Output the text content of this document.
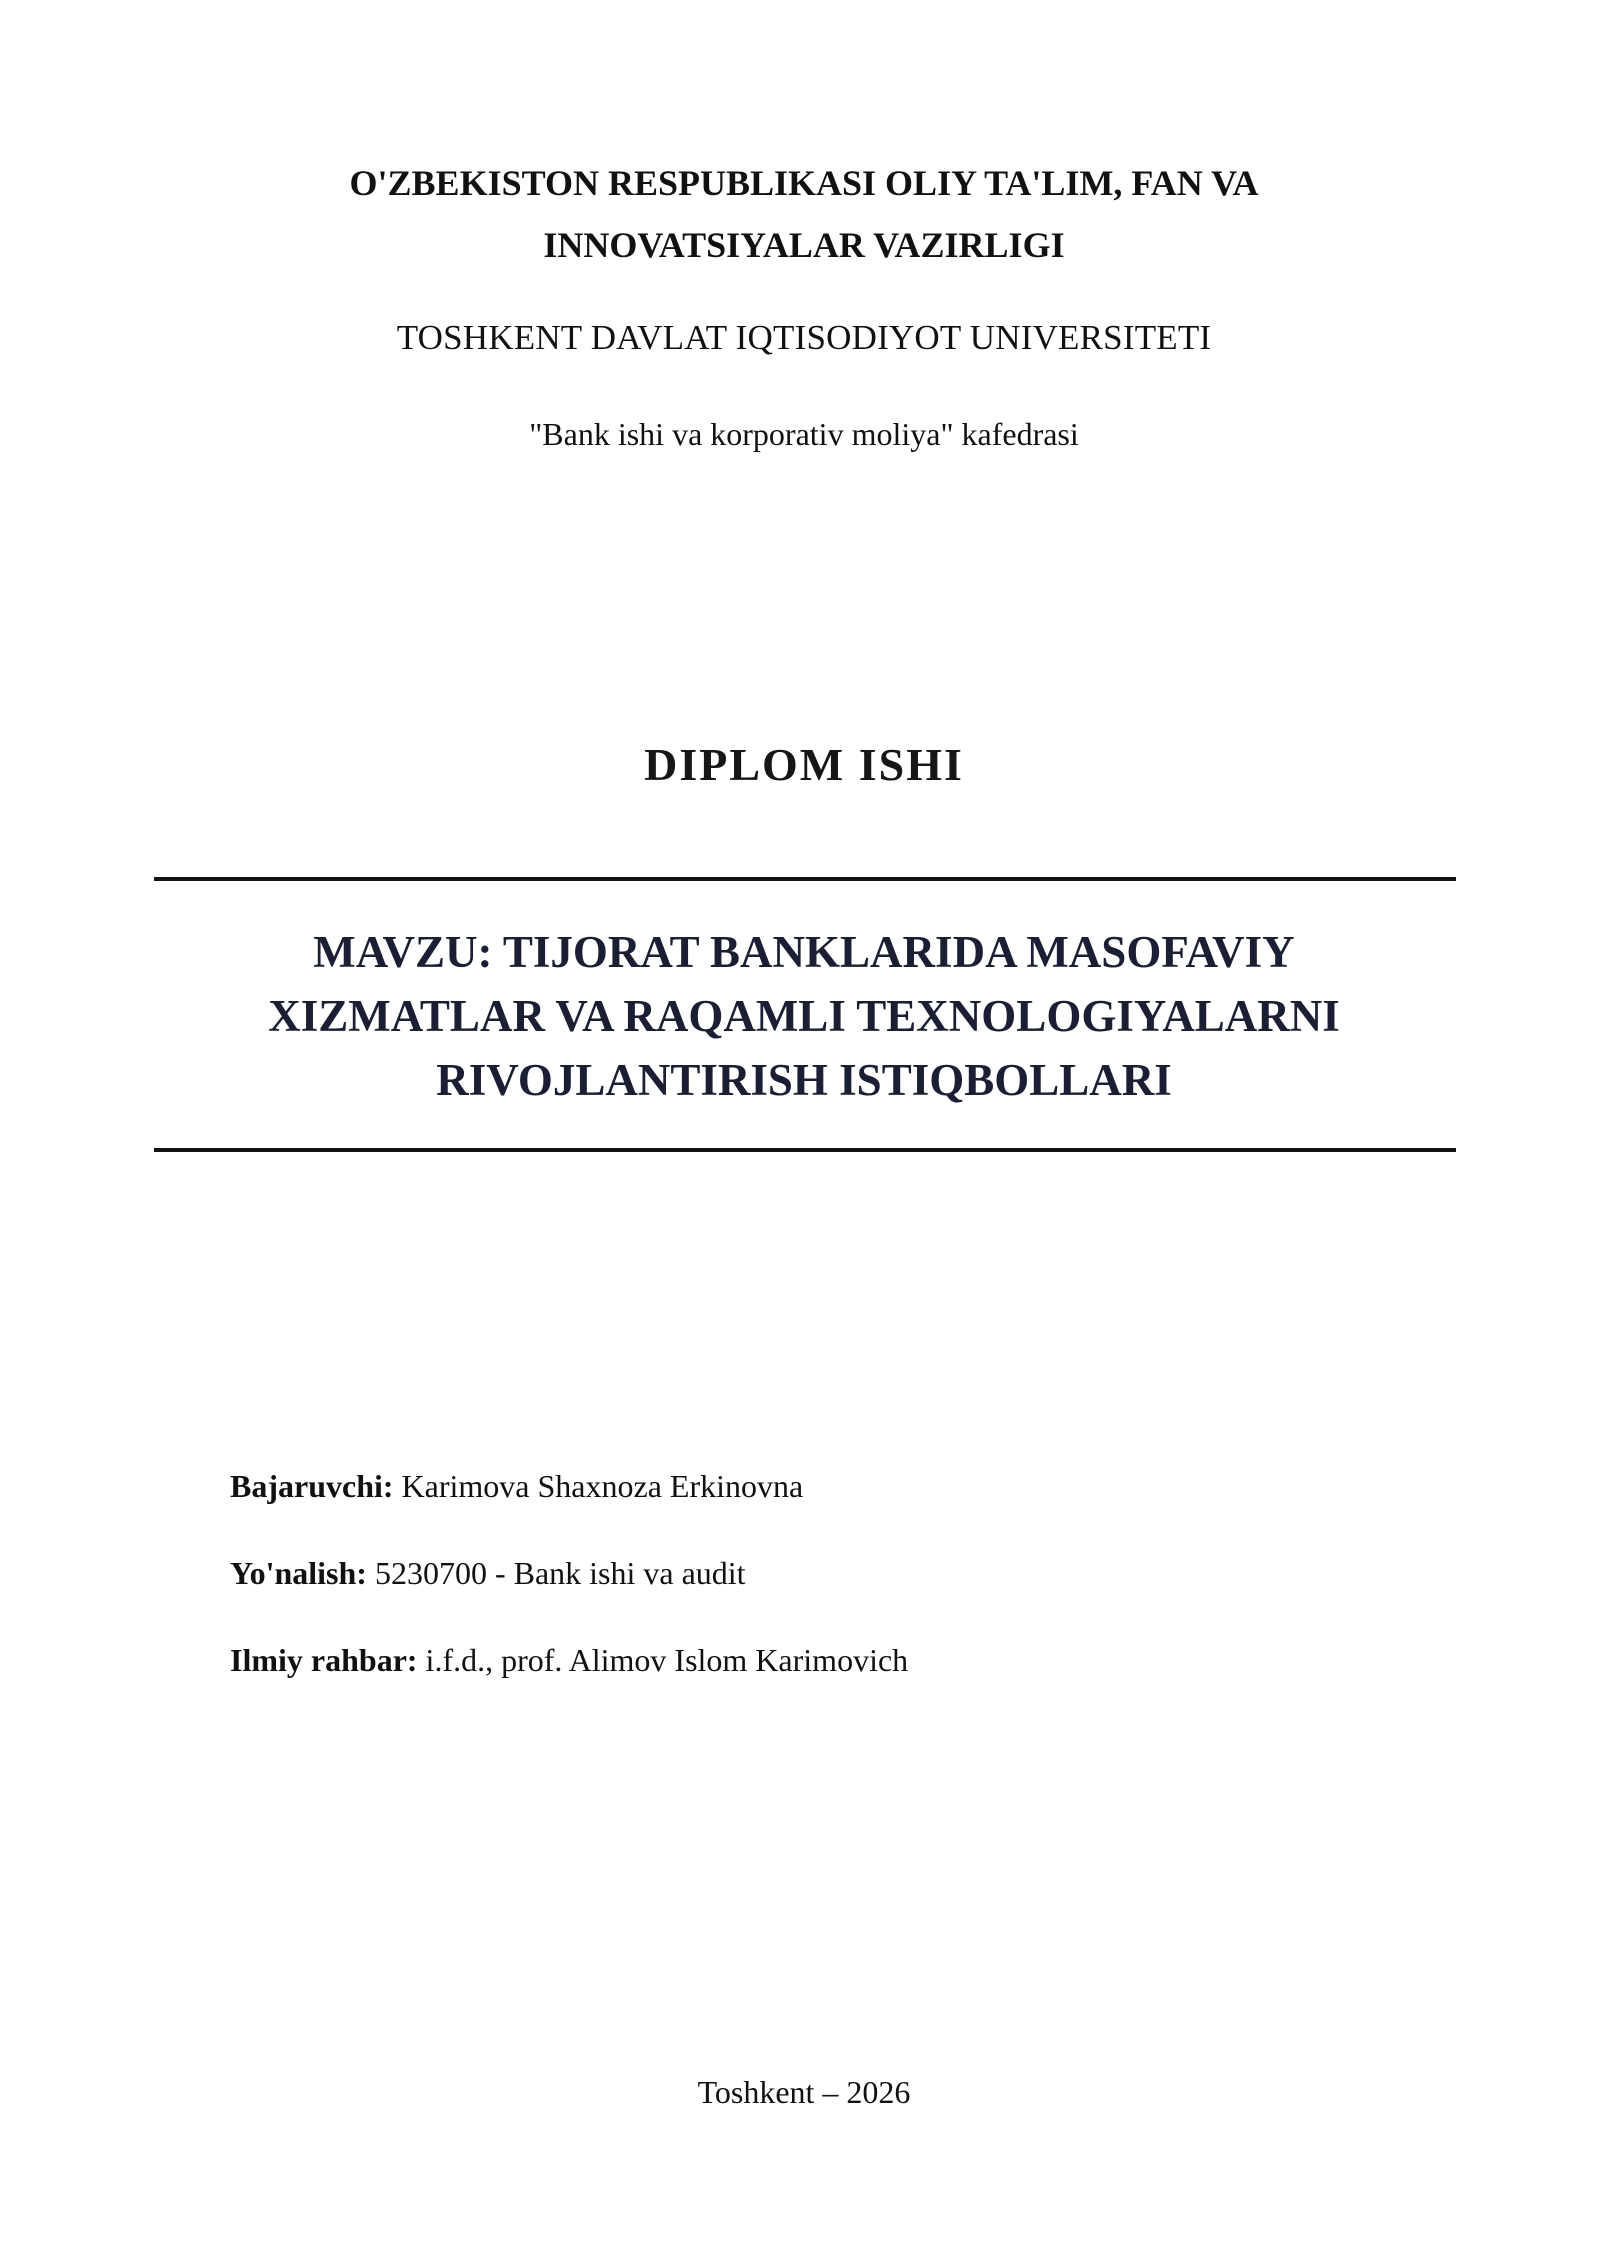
O'ZBEKISTON RESPUBLIKASI OLIY TA'LIM, FAN VA
INNOVATSIYALAR VAZIRLIGI
TOSHKENT DAVLAT IQTISODIYOT UNIVERSITETI
"Bank ishi va korporativ moliya" kafedrasi
DIPLOM ISHI
MAVZU: TIJORAT BANKLARIDA MASOFAVIY
XIZMATLAR VA RAQAMLI TEXNOLOGIYALARNI
RIVOJLANTIRISH ISTIQBOLLARI
Bajaruvchi: Karimova Shaxnoza Erkinovna
Yo'nalish: 5230700 - Bank ishi va audit
Ilmiy rahbar: i.f.d., prof. Alimov Islom Karimovich
Toshkent – 2026
